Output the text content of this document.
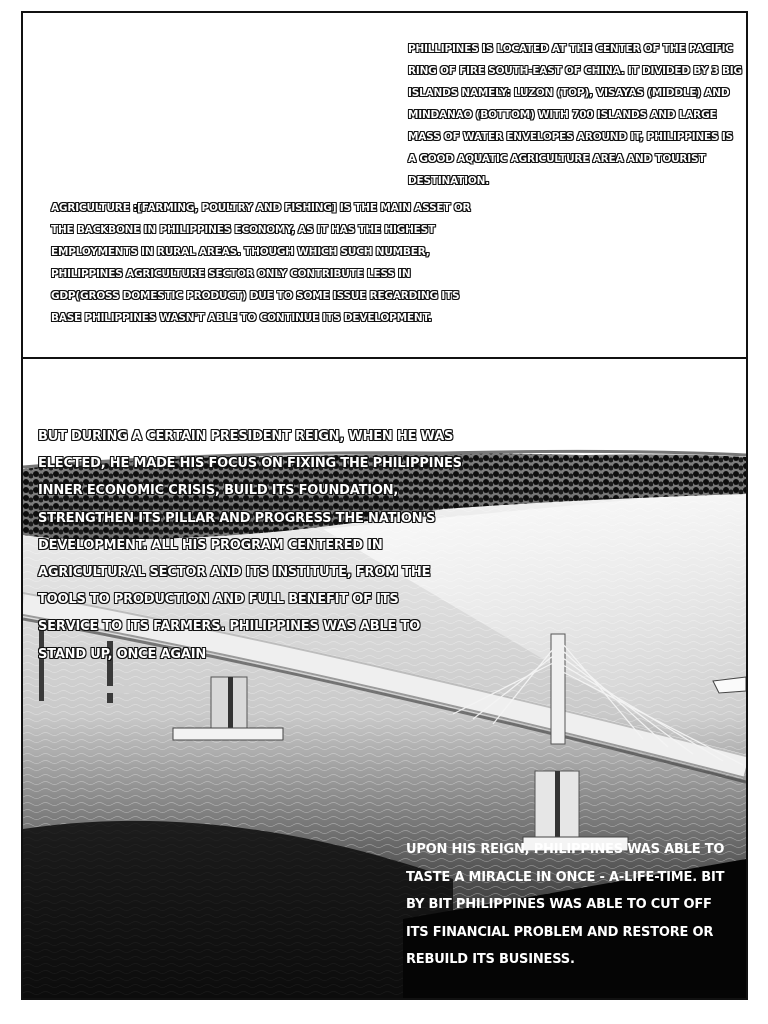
PHILLIPINES IS LOCATED AT THE CENTER OF THE PACIFIC RING OF FIRE SOUTH-EAST OF CHINA. IT DIVIDED BY 3 BIG ISLANDS NAMELY: LUZON (TOP), VISAYAS (MIDDLE) AND MINDANAO (BOTTOM) WITH 700 ISLANDS AND LARGE MASS OF WATER ENVELOPES AROUND IT, PHILIPPINES IS A GOOD AQUATIC AGRICULTURE AREA AND TOURIST DESTINATION.

AGRICULTURE :[FARMING, POULTRY AND FISHING] IS THE MAIN ASSET OR THE BACKBONE IN PHILIPPINES ECONOMY, AS IT HAS THE HIGHEST EMPLOYMENTS IN RURAL AREAS. THOUGH WHICH SUCH NUMBER, PHILIPPINES AGRICULTURE SECTOR ONLY CONTRIBUTE LESS IN GDP(GROSS DOMESTIC PRODUCT) DUE TO SOME ISSUE REGARDING ITS BASE PHILIPPINES WASN'T ABLE TO CONTINUE ITS DEVELOPMENT.

BUT DURING A CERTAIN PRESIDENT REIGN, WHEN HE WAS ELECTED, HE MADE HIS FOCUS ON FIXING THE PHILIPPINES INNER ECONOMIC CRISIS, BUILD ITS FOUNDATION, STRENGTHEN ITS PILLAR AND PROGRESS THE NATION'S DEVELOPMENT. ALL HIS PROGRAM CENTERED IN AGRICULTURAL SECTOR AND ITS INSTITUTE, FROM THE TOOLS TO PRODUCTION AND FULL BENEFIT OF ITS SERVICE TO ITS FARMERS. PHILIPPINES WAS ABLE TO STAND UP, ONCE AGAIN

UPON HIS REIGN, PHILIPPINES WAS ABLE TO TASTE A MIRACLE IN ONCE - A-LIFE-TIME. BIT BY BIT PHILIPPINES WAS ABLE TO CUT OFF ITS FINANCIAL PROBLEM AND RESTORE OR REBUILD ITS BUSINESS.
